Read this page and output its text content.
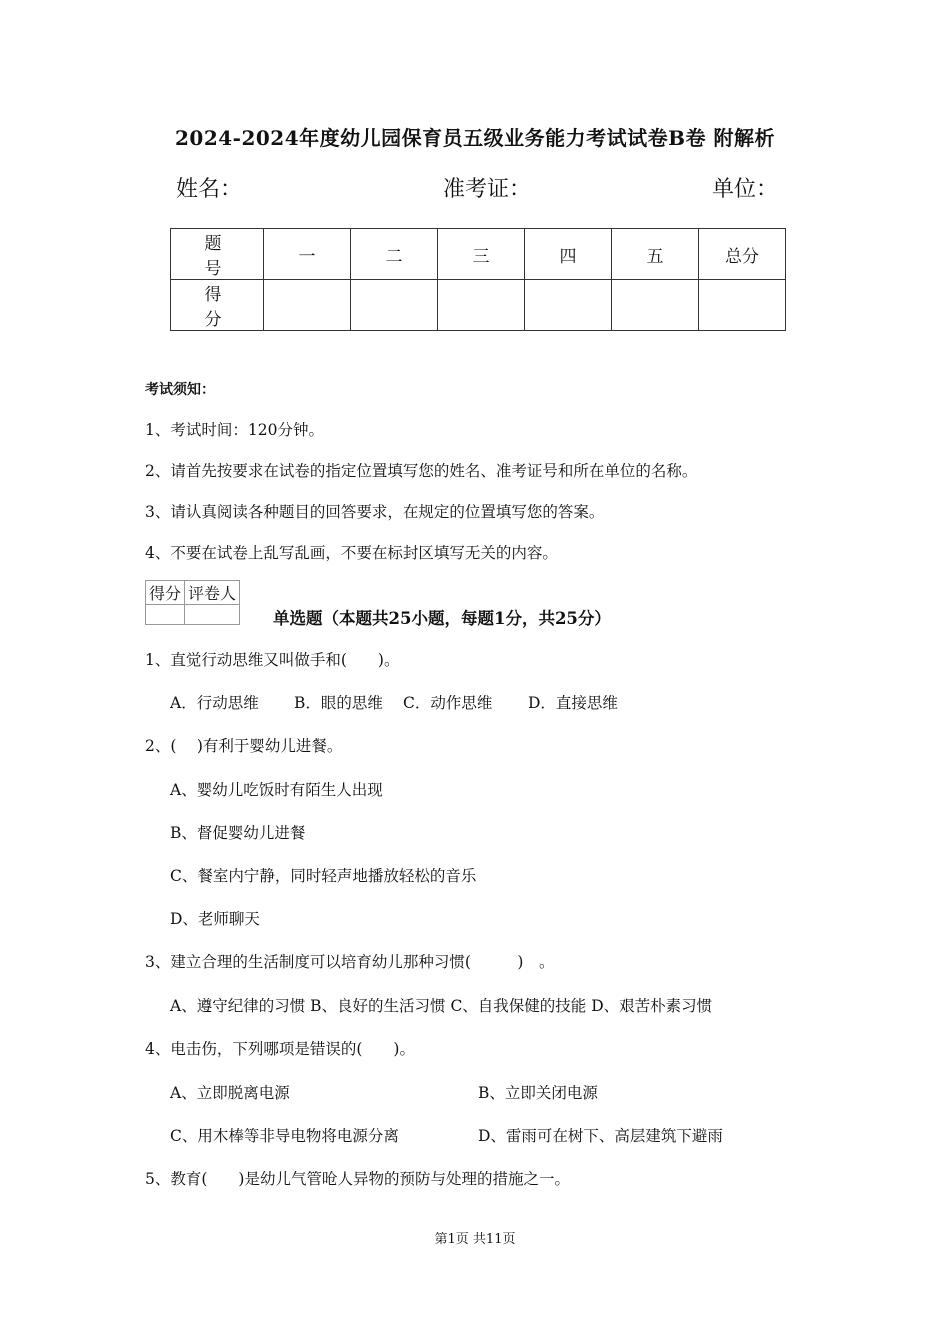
2024-2024年度幼儿园保育员五级业务能力考试试卷B卷 附解析
姓名：	准考证：	单位：
题　号	一	二	三	四	五	总分
得　分						
考试须知：
1、考试时间：120分钟。
2、请首先按要求在试卷的指定位置填写您的姓名、准考证号和所在单位的名称。
3、请认真阅读各种题目的回答要求，在规定的位置填写您的答案。
4、不要在试卷上乱写乱画，不要在标封区填写无关的内容。
得分	评卷人

单选题（本题共25小题，每题1分，共25分）
1、直觉行动思维又叫做手和(　　)。
A．行动思维 B．眼的思维 C．动作思维 D．直接思维
2、(　 )有利于婴幼儿进餐。
A、婴幼儿吃饭时有陌生人出现
B、督促婴幼儿进餐
C、餐室内宁静，同时轻声地播放轻松的音乐
D、老师聊天
3、建立合理的生活制度可以培育幼儿那种习惯(　　　)　。
A、遵守纪律的习惯 B、良好的生活习惯 C、自我保健的技能 D、艰苦朴素习惯
4、电击伤，下列哪项是错误的(　　)。
A、立即脱离电源	B、立即关闭电源
C、用木棒等非导电物将电源分离	D、雷雨可在树下、高层建筑下避雨
5、教育(　　)是幼儿气管呛人异物的预防与处理的措施之一。
第1页 共11页
